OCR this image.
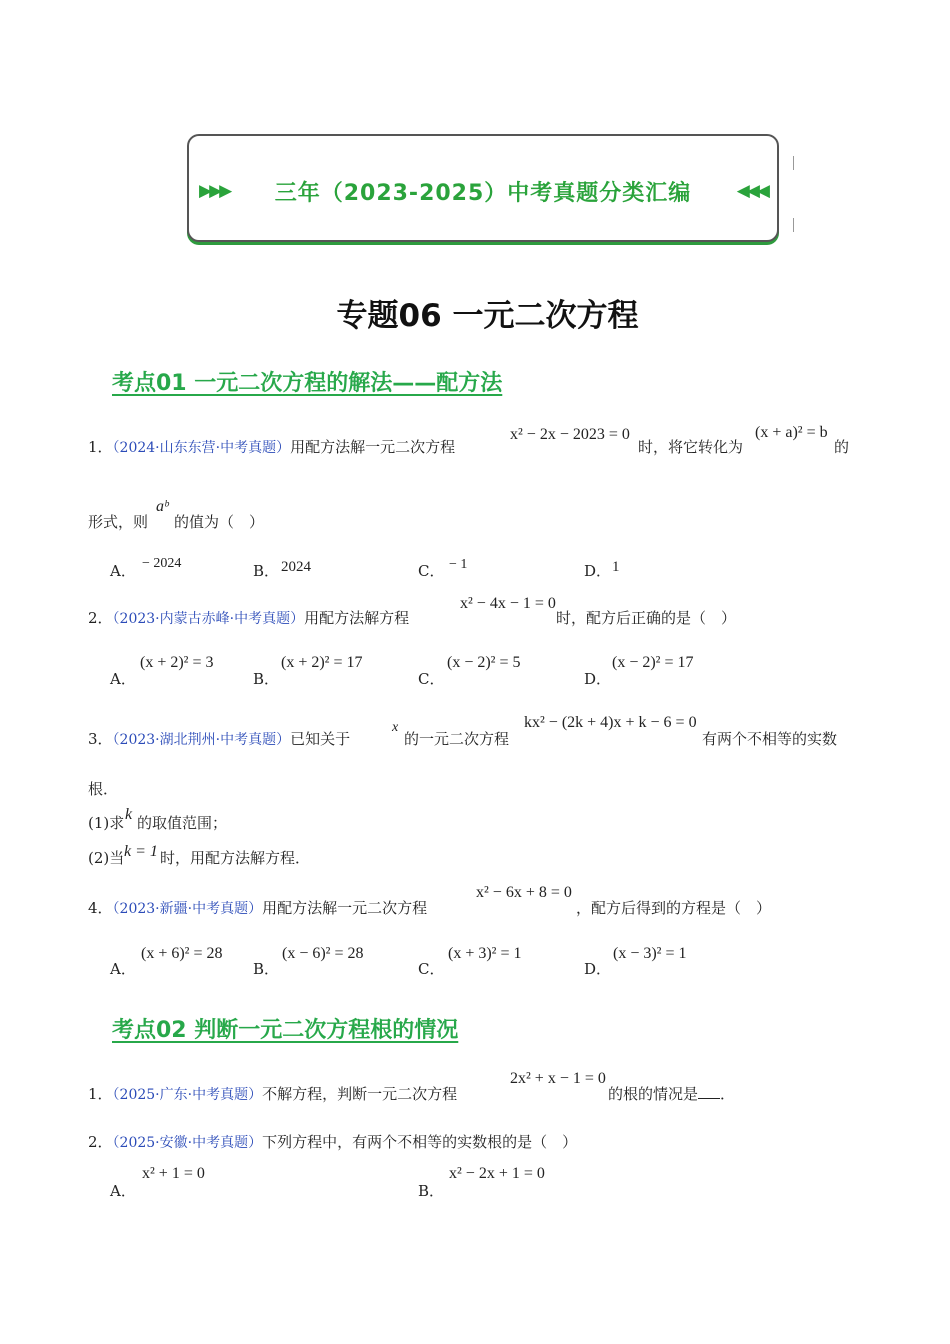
▶▶▶ 三年（2023-2025）中考真题分类汇编	◀◀◀
专题06 一元二次方程
考点01 一元二次方程的解法——配方法
1．（2024·山东东营·中考真题）用配方法解一元二次方程
x² − 2x − 2023 = 0
时，将它转化为
(x + a)² = b
的
形式，则
aᵇ
的值为（　）
A． − 2024	B． 2024	C． − 1	D． 1
2．（2023·内蒙古赤峰·中考真题）用配方法解方程
x² − 4x − 1 = 0
时，配方后正确的是（　）
A．
(x + 2)² = 3
B．
(x + 2)² = 17
C．
(x − 2)² = 5
D．
(x − 2)² = 17
3．（2023·湖北荆州·中考真题）已知关于
x
的一元二次方程
kx² − (2k + 4)x + k − 6 = 0
有两个不相等的实数
根．
(1)求 k 的取值范围；
(2)当 k = 1 时，用配方法解方程．
4．（2023·新疆·中考真题）用配方法解一元二次方程
x² − 6x + 8 = 0
，配方后得到的方程是（　）
A．
(x + 6)² = 28
B．
(x − 6)² = 28
C．
(x + 3)² = 1
D．
(x − 3)² = 1
考点02 判断一元二次方程根的情况
1．（2025·广东·中考真题）不解方程，判断一元二次方程
2x² + x − 1 = 0
的根的情况是 ．
2．（2025·安徽·中考真题）下列方程中，有两个不相等的实数根的是（　）
A．
x² + 1 = 0
B．
x² − 2x + 1 = 0
